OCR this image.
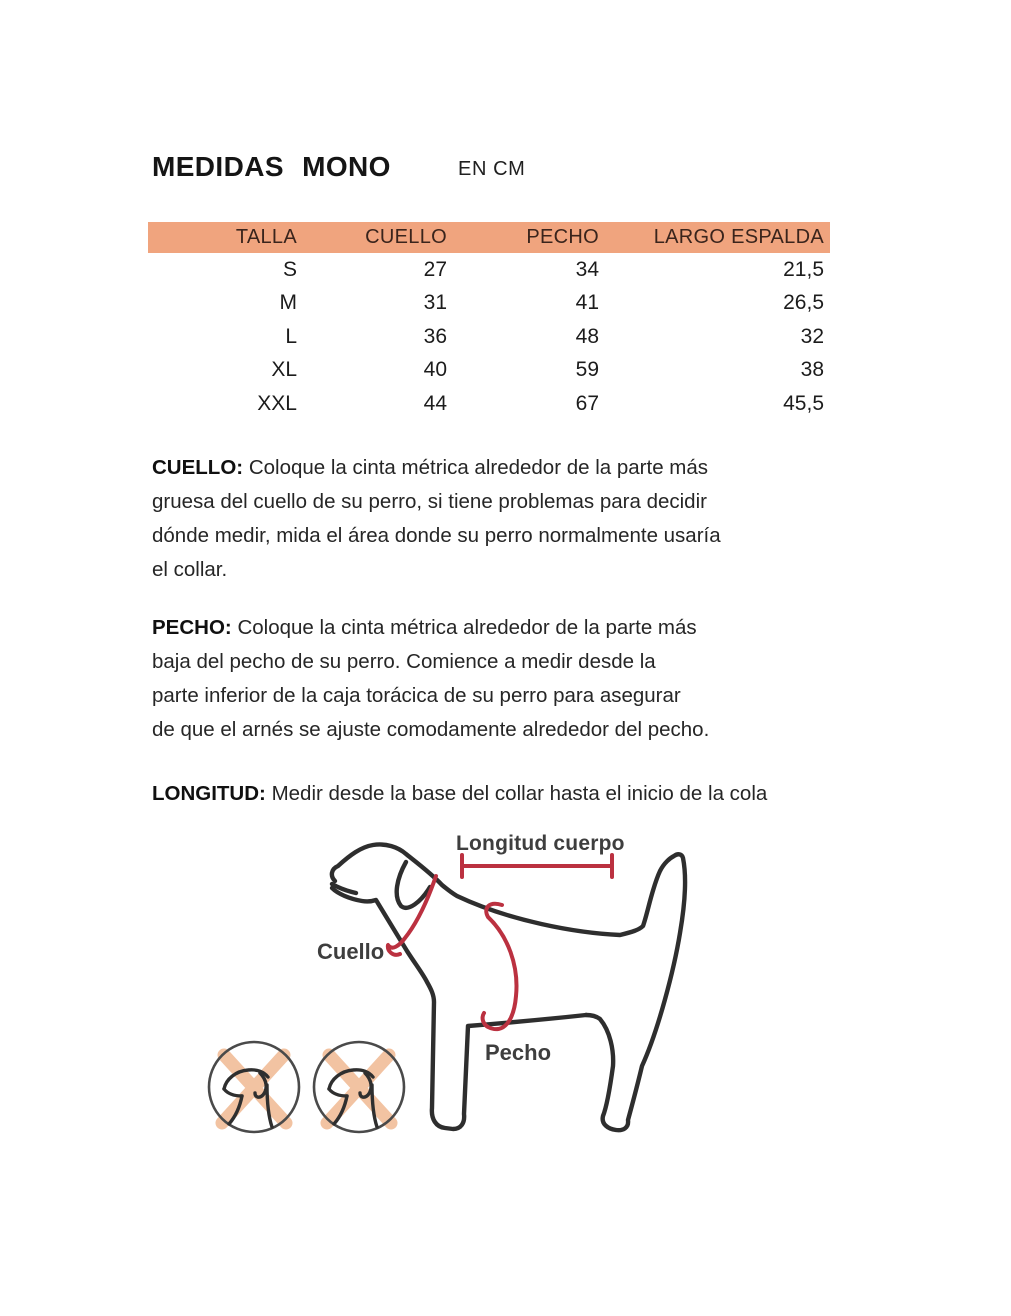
MEDIDAS MONO	EN CM
TALLA	CUELLO	PECHO	LARGO ESPALDA
S	27	34	21,5
M	31	41	26,5
L	36	48	32
XL	40	59	38
XXL	44	67	45,5
CUELLO: Coloque la cinta métrica alrededor de la parte más
gruesa del cuello de su perro, si tiene problemas para decidir
dónde medir, mida el área donde su perro normalmente usaría
el collar.
PECHO: Coloque la cinta métrica alrededor de la parte más
baja del pecho de su perro. Comience a medir desde la
parte inferior de la caja torácica de su perro para asegurar
de que el arnés se ajuste comodamente alrededor del pecho.
LONGITUD: Medir desde la base del collar hasta el inicio de la cola
Longitud cuerpo
Cuello
Pecho
